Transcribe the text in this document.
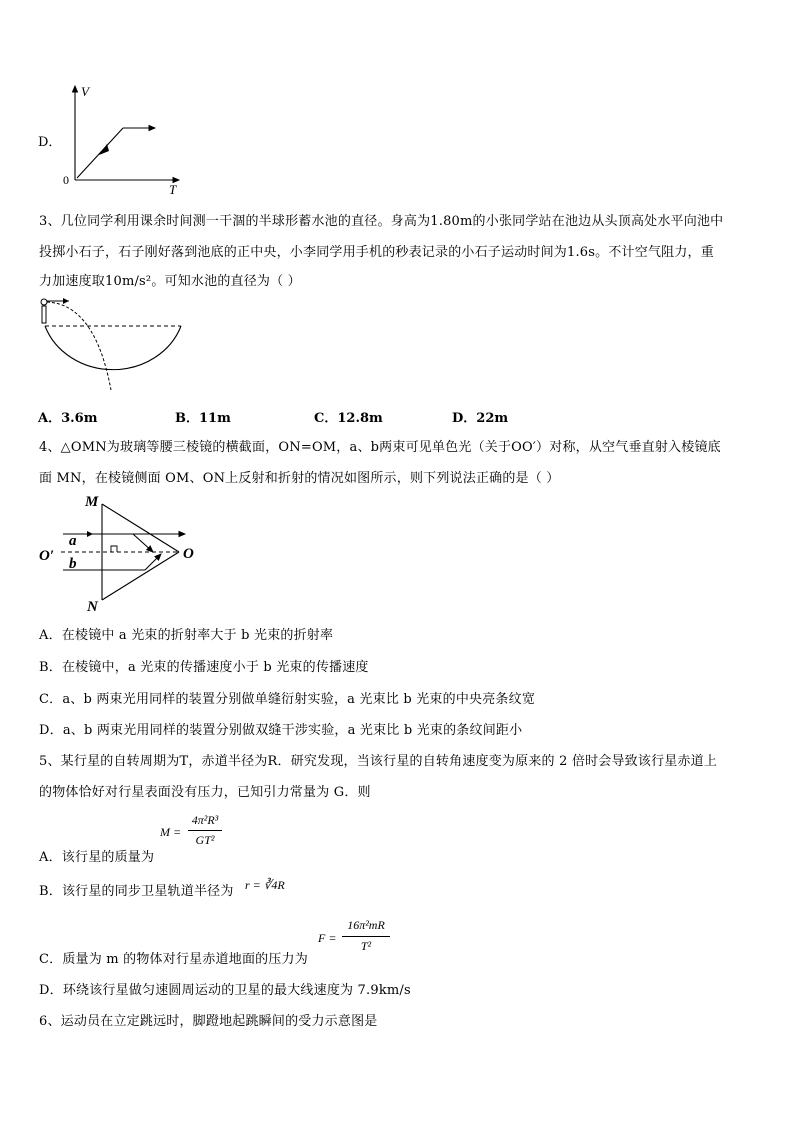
D．
V
T
0
3、几位同学利用课余时间测一干涸的半球形蓄水池的直径。身高为1.80m的小张同学站在池边从头顶高处水平向池中
投掷小石子，石子刚好落到池底的正中央，小李同学用手机的秒表记录的小石子运动时间为1.6s。不计空气阻力，重
力加速度取10m/s²。可知水池的直径为（ ）
A．3.6m	B．11m	C．12.8m	D．22m
4、△OMN为玻璃等腰三棱镜的横截面，ON=OM，a、b两束可见单色光（关于OO′）对称，从空气垂直射入棱镜底
面 MN，在棱镜侧面 OM、ON上反射和折射的情况如图所示，则下列说法正确的是（ ）
M
N
O
O′
a
b
A．在棱镜中 a 光束的折射率大于 b 光束的折射率
B．在棱镜中，a 光束的传播速度小于 b 光束的传播速度
C．a、b 两束光用同样的装置分别做单缝衍射实验，a 光束比 b 光束的中央亮条纹宽
D．a、b 两束光用同样的装置分别做双缝干涉实验，a 光束比 b 光束的条纹间距小
5、某行星的自转周期为T，赤道半径为R．研究发现，当该行星的自转角速度变为原来的 2 倍时会导致该行星赤道上
的物体恰好对行星表面没有压力，已知引力常量为 G．则
A．该行星的质量为
M =
4π²R³
GT²
B．该行星的同步卫星轨道半径为 r = ∛4R
C．质量为 m 的物体对行星赤道地面的压力为
F =
16π²mR
T²
D．环绕该行星做匀速圆周运动的卫星的最大线速度为 7.9km/s
6、运动员在立定跳远时，脚蹬地起跳瞬间的受力示意图是
